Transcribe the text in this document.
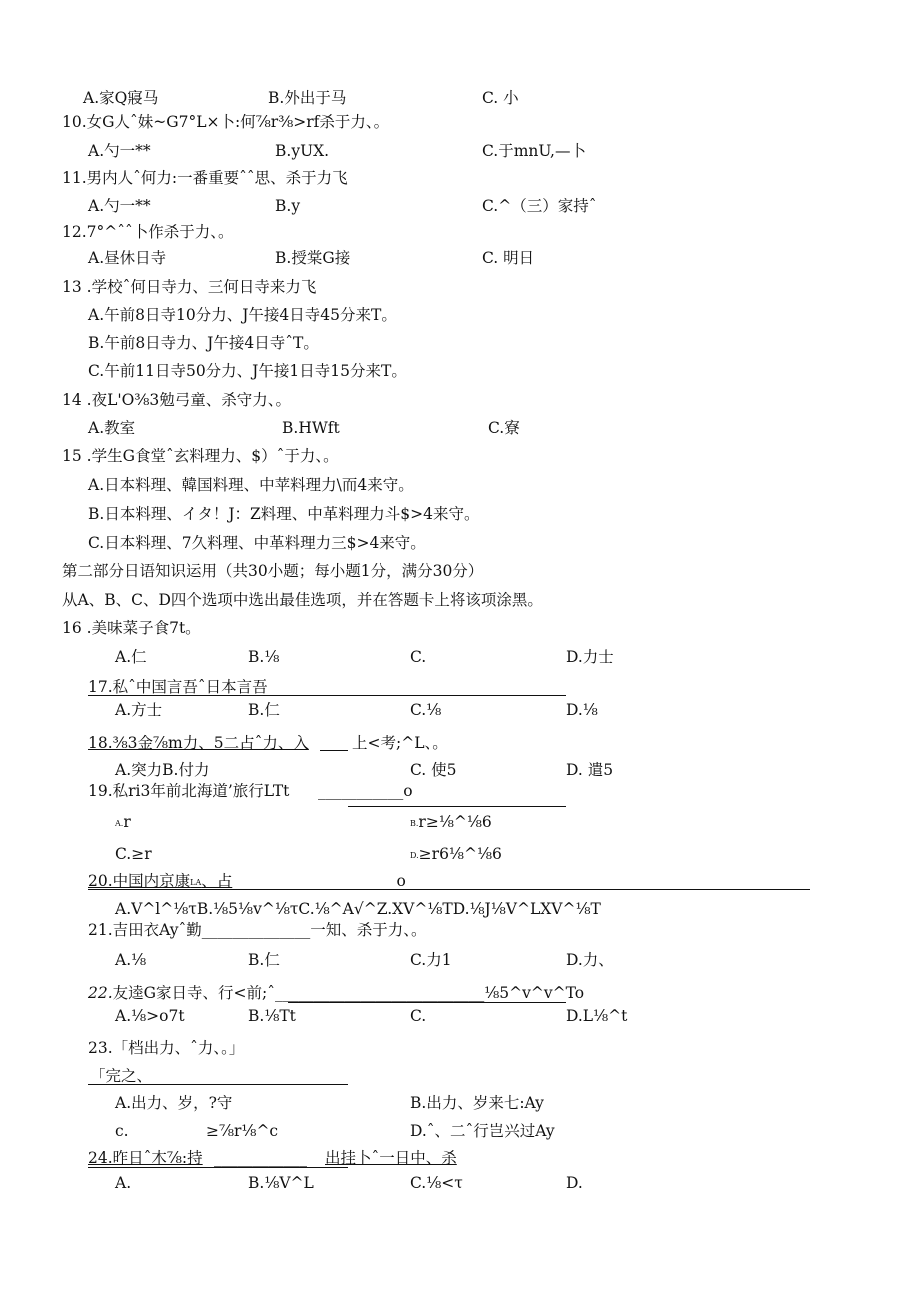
A.家Q寢马	B.外出于马	C. 小
10.女G人ˆ妹~G7°L×卜:何⅞r⅜>rf杀于力、。
A.勺一**	B.yUX.	C.于mnU,—卜
11.男内人ˆ何力:一番重要ˆˆ思、杀于力飞
A.勺一**	B.y	C.^（三）家持ˆ
12.7°^ˆˆ卜作杀于力、。
A.昼休日寺	B.授棠G接	C. 明日
13 .学校ˆ何日寺力、三何日寺来力飞
A.午前8日寺10分力、J午接4日寺45分来T。
B.午前8日寺力、J午接4日寺ˆT。
C.午前11日寺50分力、J午接1日寺15分来T。
14 .夜L'O⅜3勉弓童、杀守力、。
A.教室	B.HWft	C.寮
15 .学生G食堂ˆ玄料理力、$）ˆ于力、。
A.日本料理、韓国料理、中苹料理力\而4来守。
B.日本料理、イタ！J：Z料理、中革料理力斗$>4来守。
C.日本料理、7久料理、中革料理力三$>4来守。
第二部分日语知识运用（共30小题；每小题1分，满分30分）
从A、B、C、D四个选项中选出最佳选项，并在答题卡上将该项涂黑。
16 .美味菜子食7t。
A.仁	B.⅛	C.	D.力士
17.私ˆ中国言吾ˆ日本言吾 _______
A.方士	B.仁	C.⅛	D.⅛
18.⅜3金⅞m力、5二占ˆ力、入	上<考;^L、。
A.突力B.付力	C. 使5	D. 遣5
19.私ri3年前北海道’旅行LTt ___________o
A.r	B.r≥⅛^⅛6
C.≥r	D.≥r6⅛^⅛6
20.中国内京康LA、占	______o
A.V^l^⅛τB.⅛5⅛v^⅛τC.⅛^A√^Z.XV^⅛TD.⅛J⅛V^LXV^⅛T
21.吉田衣Ayˆ勤______________一知、杀于力、。
A.⅛	B.仁	C.力1	D.力、
22.友逵G家日寺、行<前;ˆ___________________________⅛5^v^v^To
A.⅛>o7t	B.⅛Tt	C.	D.L⅛^t
23.「档出力、ˆ力、。」
「完之、 _____
A.出力、岁，?守	B.出力、岁来七:Ay
c.	≥⅞r⅛^c	D.ˆ、二ˆ行岂兴过Ay
24.昨日ˆ木⅞:持 ____________ 出挂卜ˆ一日中、杀
A.	B.⅛V^L	C.⅛<τ	D.
